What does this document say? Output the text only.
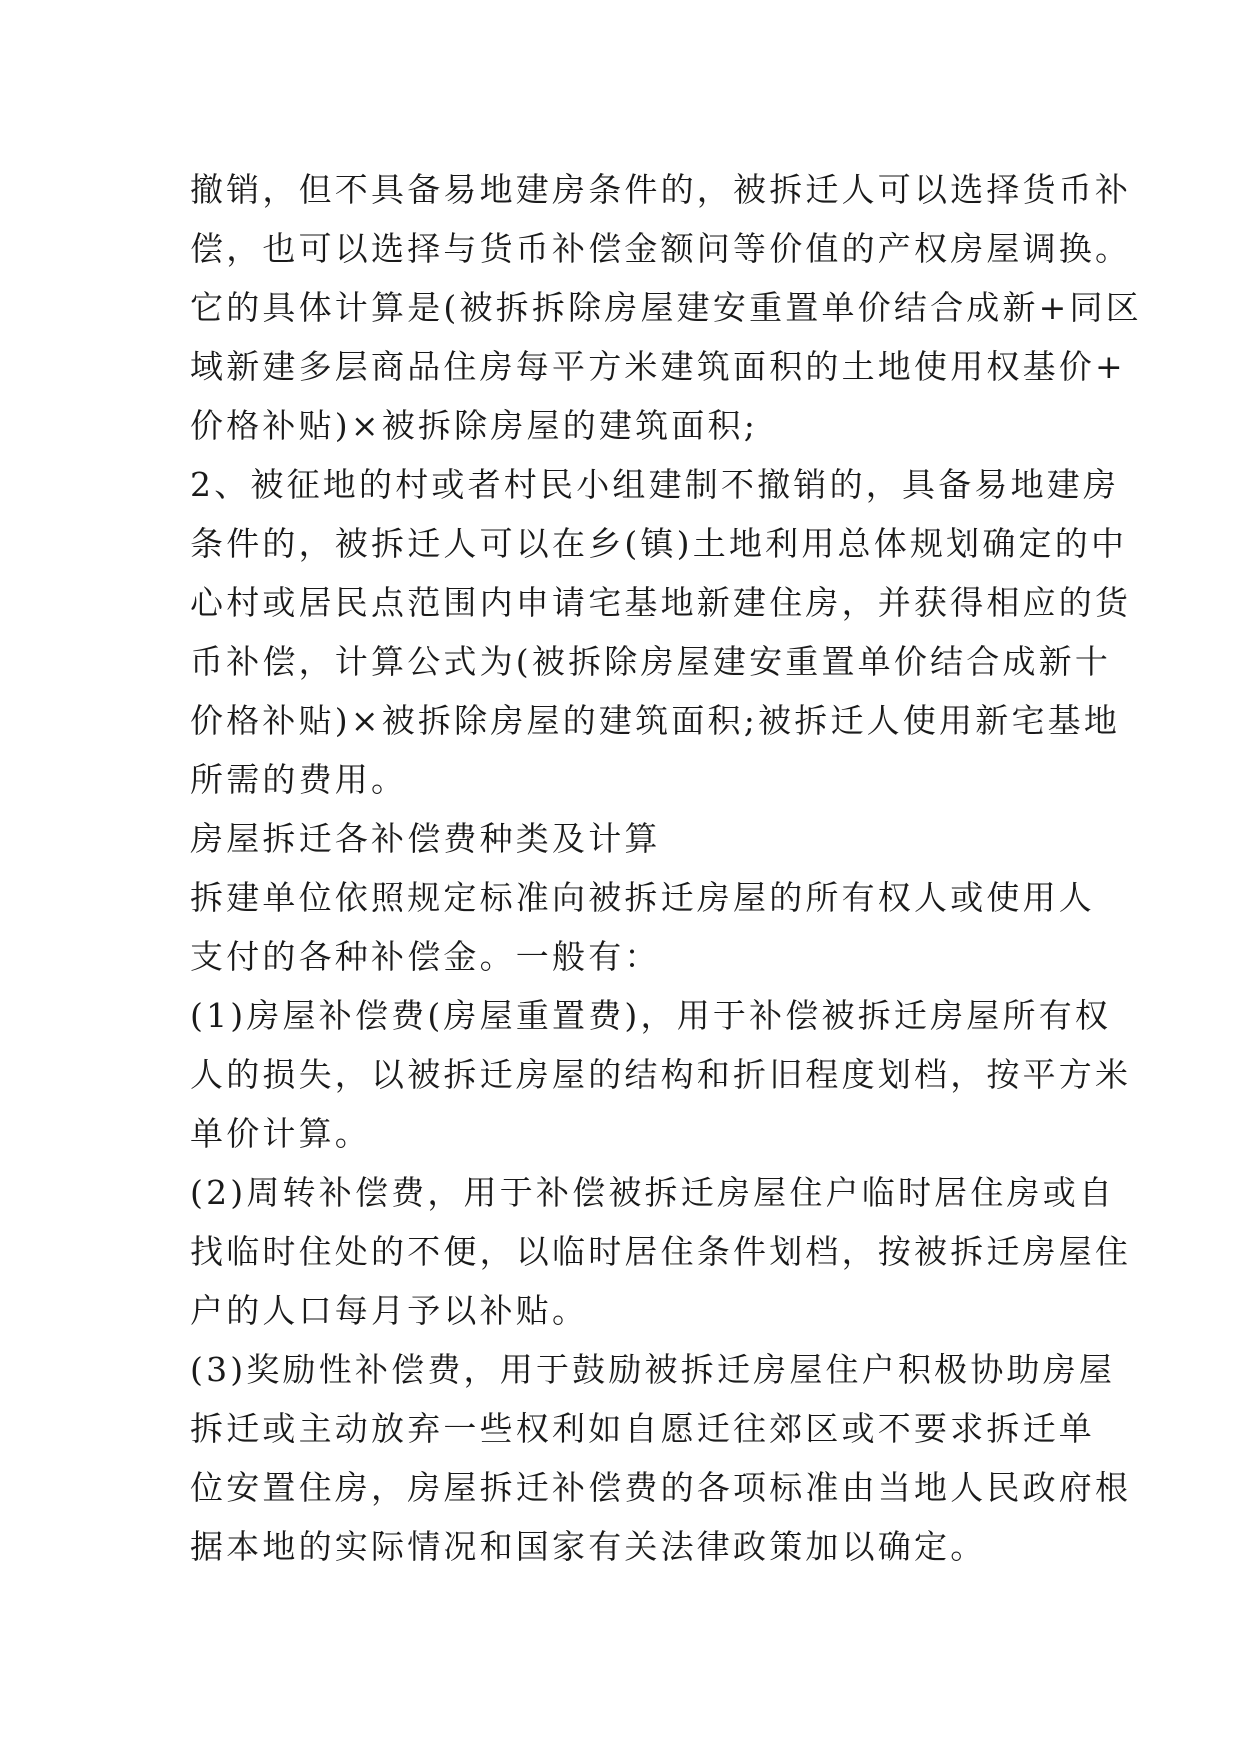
撤销，但不具备易地建房条件的，被拆迁人可以选择货币补
偿，也可以选择与货币补偿金额问等价值的产权房屋调换。
它的具体计算是(被拆拆除房屋建安重置单价结合成新+同区
域新建多层商品住房每平方米建筑面积的土地使用权基价+
价格补贴)×被拆除房屋的建筑面积;
2、被征地的村或者村民小组建制不撤销的，具备易地建房
条件的，被拆迁人可以在乡(镇)土地利用总体规划确定的中
心村或居民点范围内申请宅基地新建住房，并获得相应的货
币补偿，计算公式为(被拆除房屋建安重置单价结合成新十
价格补贴)×被拆除房屋的建筑面积;被拆迁人使用新宅基地
所需的费用。
房屋拆迁各补偿费种类及计算
拆建单位依照规定标准向被拆迁房屋的所有权人或使用人
支付的各种补偿金。一般有：
(1)房屋补偿费(房屋重置费)，用于补偿被拆迁房屋所有权
人的损失，以被拆迁房屋的结构和折旧程度划档，按平方米
单价计算。
(2)周转补偿费，用于补偿被拆迁房屋住户临时居住房或自
找临时住处的不便，以临时居住条件划档，按被拆迁房屋住
户的人口每月予以补贴。
(3)奖励性补偿费，用于鼓励被拆迁房屋住户积极协助房屋
拆迁或主动放弃一些权利如自愿迁往郊区或不要求拆迁单
位安置住房，房屋拆迁补偿费的各项标准由当地人民政府根
据本地的实际情况和国家有关法律政策加以确定。
